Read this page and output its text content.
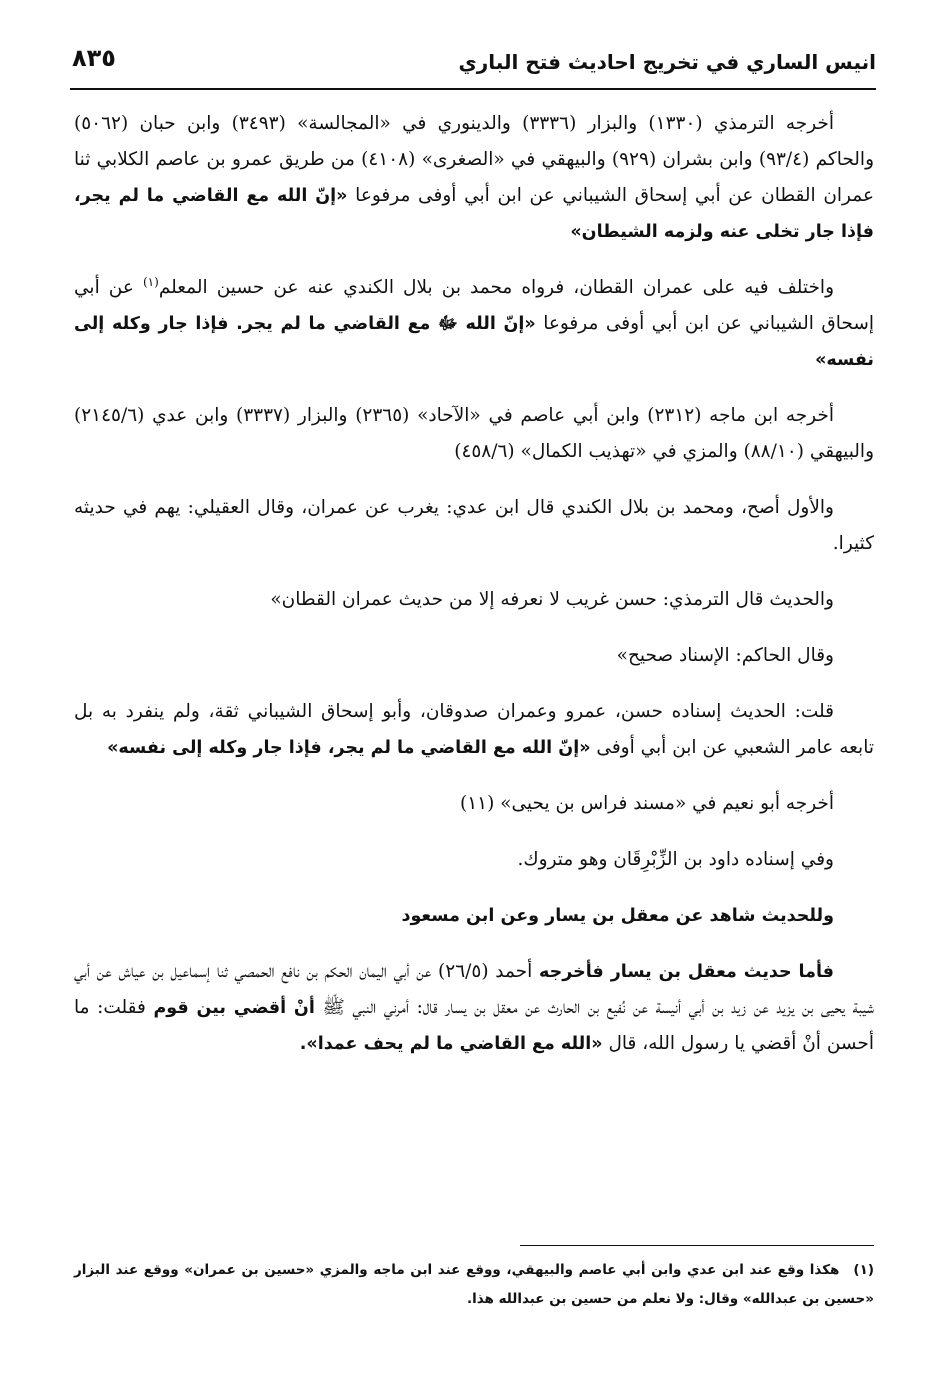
انيس الساري في تخريج احاديث فتح الباري
٨٣٥

أخرجه الترمذي (١٣٣٠) والبزار (٣٣٣٦) والدينوري في «المجالسة» (٣٤٩٣) وابن حبان (٥٠٦٢) والحاكم (٩٣/٤) وابن بشران (٩٢٩) والبيهقي في «الصغرى» (٤١٠٨) من طريق عمرو بن عاصم الكلابي ثنا عمران القطان عن أبي إسحاق الشيباني عن ابن أبي أوفى مرفوعا «إنّ الله مع القاضي ما لم يجر، فإذا جار تخلى عنه ولزمه الشيطان»

واختلف فيه على عمران القطان، فرواه محمد بن بلال الكندي عنه عن حسين المعلم$^{(١)}$ عن أبي إسحاق الشيباني عن ابن أبي أوفى مرفوعا «إنّ الله ﷻ مع القاضي ما لم يجر. فإذا جار وكله إلى نفسه»

أخرجه ابن ماجه (٢٣١٢) وابن أبي عاصم في «الآحاد» (٢٣٦٥) والبزار (٣٣٣٧) وابن عدي (٢١٤٥/٦) والبيهقي (٨٨/١٠) والمزي في «تهذيب الكمال» (٤٥٨/٦)

والأول أصح، ومحمد بن بلال الكندي قال ابن عدي: يغرب عن عمران، وقال العقيلي: يهم في حديثه كثيرا.

والحديث قال الترمذي: حسن غريب لا نعرفه إلا من حديث عمران القطان»

وقال الحاكم: الإسناد صحيح»

قلت: الحديث إسناده حسن، عمرو وعمران صدوقان، وأبو إسحاق الشيباني ثقة، ولم ينفرد به بل تابعه عامر الشعبي عن ابن أبي أوفى «إنّ الله مع القاضي ما لم يجر، فإذا جار وكله إلى نفسه»

أخرجه أبو نعيم في «مسند فراس بن يحيى» (١١)

وفي إسناده داود بن الزِّبْرِقَان وهو متروك.

وللحديث شاهد عن معقل بن يسار وعن ابن مسعود

فأما حديث معقل بن يسار فأخرجه أحمد (٢٦/٥) عن أبي اليمان الحكم بن نافع الحمصي ثنا إسماعيل بن عياش عن أبي شيبة يحيى بن يزيد عن زيد بن أبي أنيسة عن نُفيع بن الحارث عن معقل بن يسار قال: أمرني النبي ﷺ أنْ أقضي بين قوم فقلت: ما أحسن أنْ أقضي يا رسول الله، قال «الله مع القاضي ما لم يحف عمدا».

(١)هكذا وقع عند ابن عدي وابن أبي عاصم والبيهقي، ووقع عند ابن ماجه والمزي «حسين بن عمران» ووقع عند البزار «حسين بن عبدالله» وقال: ولا نعلم من حسين بن عبدالله هذا.
